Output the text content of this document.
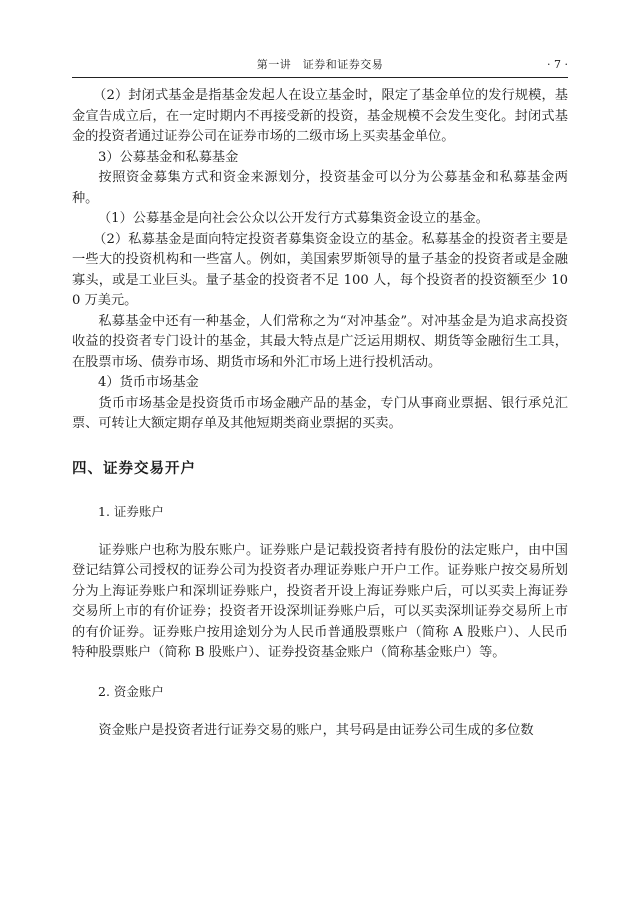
第一讲　证券和证券交易	· 7 ·

（2）封闭式基金是指基金发起人在设立基金时，限定了基金单位的发行规模，基金宣告成立后，在一定时期内不再接受新的投资，基金规模不会发生变化。封闭式基金的投资者通过证券公司在证券市场的二级市场上买卖基金单位。

3）公募基金和私募基金

按照资金募集方式和资金来源划分，投资基金可以分为公募基金和私募基金两种。

（1）公募基金是向社会公众以公开发行方式募集资金设立的基金。

（2）私募基金是面向特定投资者募集资金设立的基金。私募基金的投资者主要是一些大的投资机构和一些富人。例如，美国索罗斯领导的量子基金的投资者或是金融寡头，或是工业巨头。量子基金的投资者不足 100 人，每个投资者的投资额至少 100 万美元。

私募基金中还有一种基金，人们常称之为“对冲基金”。对冲基金是为追求高投资收益的投资者专门设计的基金，其最大特点是广泛运用期权、期货等金融衍生工具，在股票市场、债券市场、期货市场和外汇市场上进行投机活动。

4）货币市场基金

货币市场基金是投资货币市场金融产品的基金，专门从事商业票据、银行承兑汇票、可转让大额定期存单及其他短期类商业票据的买卖。

四、证券交易开户

1. 证券账户

证券账户也称为股东账户。证券账户是记载投资者持有股份的法定账户，由中国登记结算公司授权的证券公司为投资者办理证券账户开户工作。证券账户按交易所划分为上海证券账户和深圳证券账户，投资者开设上海证券账户后，可以买卖上海证券交易所上市的有价证券；投资者开设深圳证券账户后，可以买卖深圳证券交易所上市的有价证券。证券账户按用途划分为人民币普通股票账户（简称 A 股账户）、人民币特种股票账户（简称 B 股账户）、证券投资基金账户（简称基金账户）等。

2. 资金账户

资金账户是投资者进行证券交易的账户，其号码是由证券公司生成的多位数
